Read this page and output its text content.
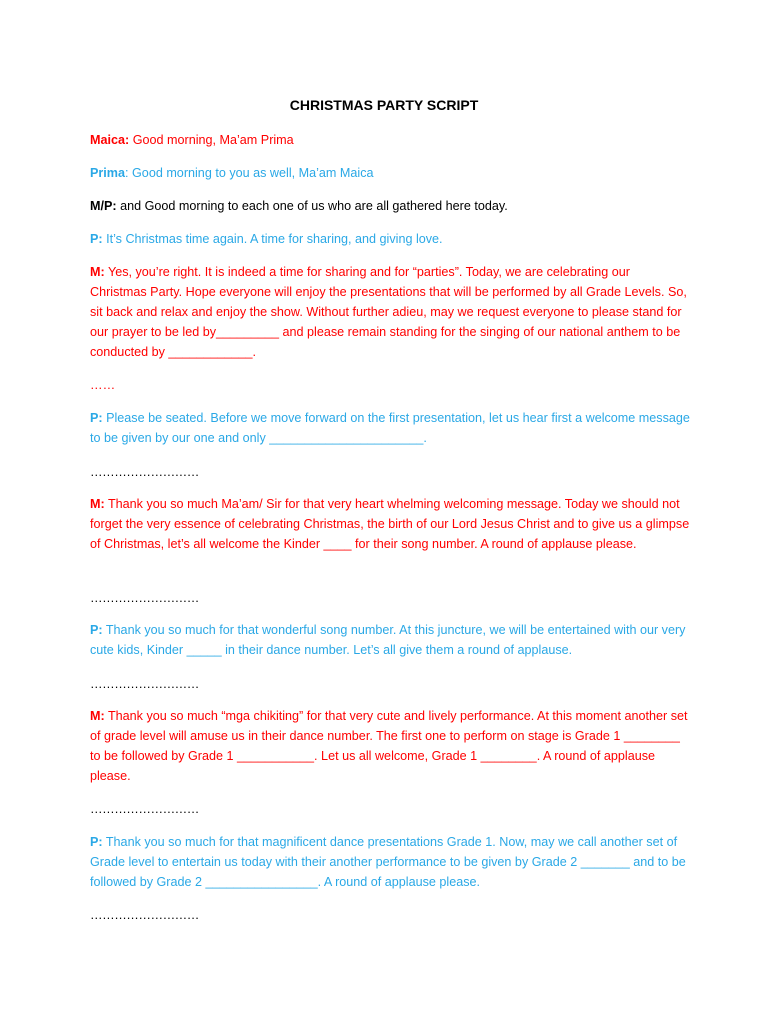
CHRISTMAS PARTY SCRIPT

Maica: Good morning, Ma’am Prima

Prima: Good morning to you as well, Ma’am Maica

M/P: and Good morning to each one of us who are all gathered here today.

P: It’s Christmas time again. A time for sharing, and giving love.

M: Yes, you’re right. It is indeed a time for sharing and for “parties”. Today, we are celebrating our Christmas Party. Hope everyone will enjoy the presentations that will be performed by all Grade Levels. So, sit back and relax and enjoy the show. Without further adieu, may we request everyone to please stand for our prayer to be led by_________ and please remain standing for the singing of our national anthem to be conducted by ____________.

……

P: Please be seated. Before we move forward on the first presentation, let us hear first a welcome message to be given by our one and only ______________________.

………………………

M: Thank you so much Ma’am/ Sir for that very heart whelming welcoming message. Today we should not forget the very essence of celebrating Christmas, the birth of our Lord Jesus Christ and to give us a glimpse of Christmas, let’s all welcome the Kinder ____ for their song number. A round of applause please.

………………………

P: Thank you so much for that wonderful song number. At this juncture, we will be entertained with our very cute kids, Kinder _____ in their dance number. Let’s all give them a round of applause.

………………………

M: Thank you so much “mga chikiting” for that very cute and lively performance. At this moment another set of grade level will amuse us in their dance number. The first one to perform on stage is Grade 1 ________ to be followed by Grade 1 ___________. Let us all welcome, Grade 1 ________. A round of applause please.

………………………

P: Thank you so much for that magnificent dance presentations Grade 1. Now, may we call another set of Grade level to entertain us today with their another performance to be given by Grade 2 _______ and to be followed by Grade 2 ________________. A round of applause please.

………………………
